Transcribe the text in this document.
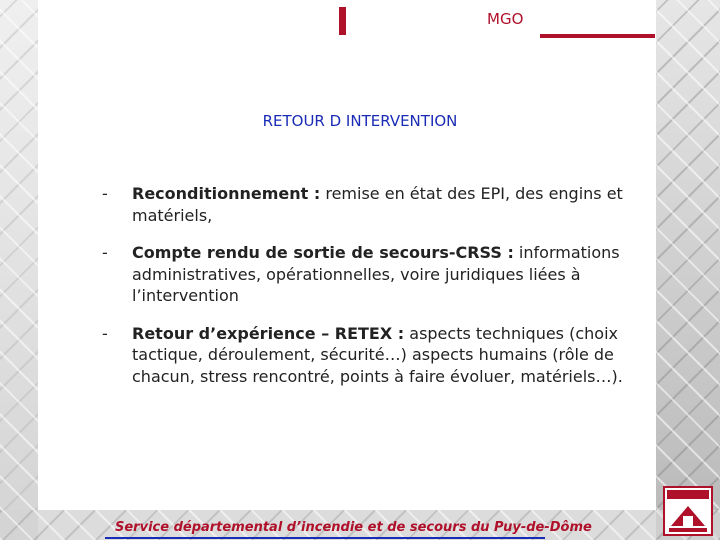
MGO
RETOUR D INTERVENTION
- Reconditionnement : remise en état des EPI, des engins et matériels,
- Compte rendu de sortie de secours-CRSS : informations administratives, opérationnelles, voire juridiques liées à l’intervention
- Retour d’expérience – RETEX : aspects techniques (choix tactique, déroulement, sécurité…) aspects humains (rôle de chacun, stress rencontré, points à faire évoluer, matériels…).
Service départemental d’incendie et de secours du Puy-de-Dôme
